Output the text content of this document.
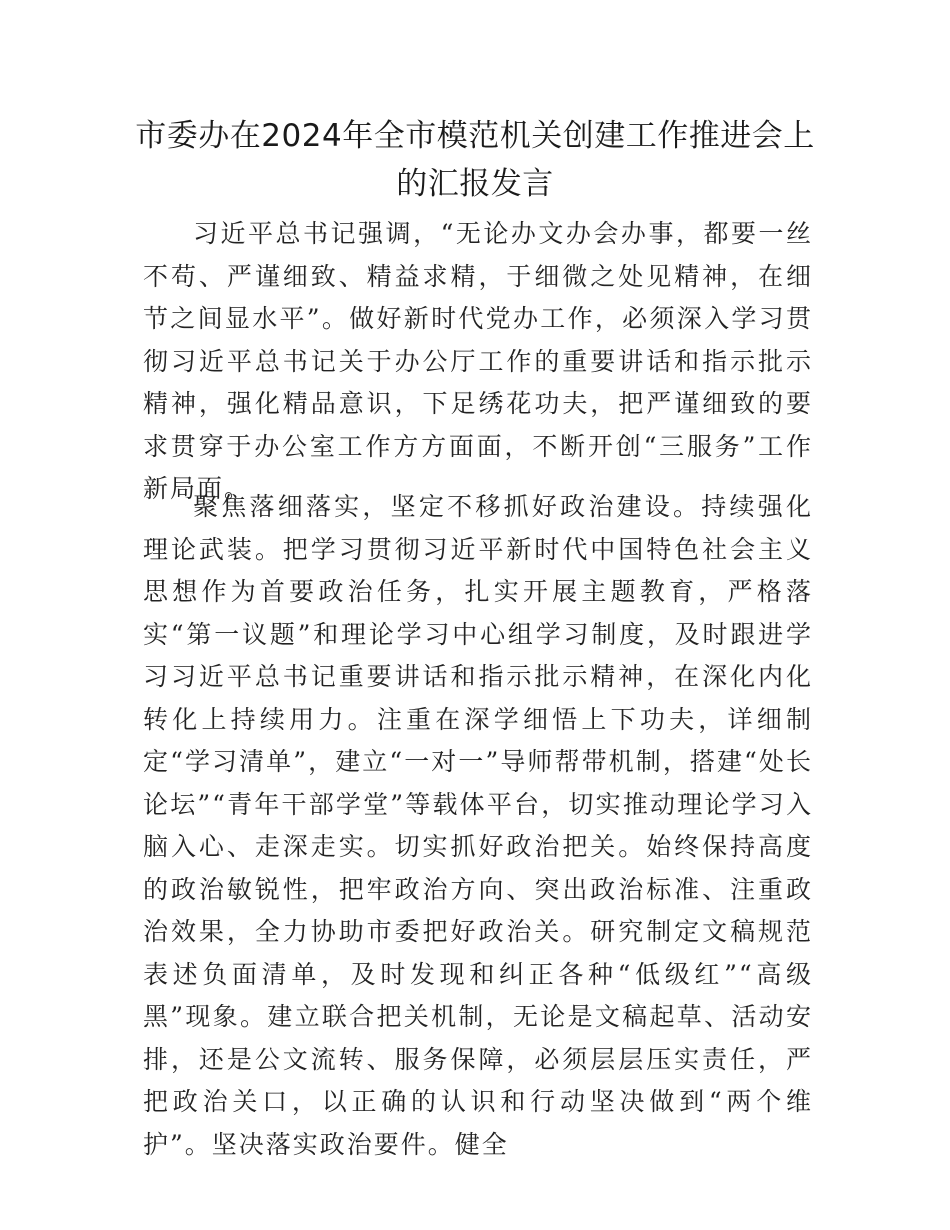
市委办在2024年全市模范机关创建工作推进会上的汇报发言

习近平总书记强调，“无论办文办会办事，都要一丝不苟、严谨细致、精益求精，于细微之处见精神，在细节之间显水平”。做好新时代党办工作，必须深入学习贯彻习近平总书记关于办公厅工作的重要讲话和指示批示精神，强化精品意识，下足绣花功夫，把严谨细致的要求贯穿于办公室工作方方面面，不断开创“三服务”工作新局面。

聚焦落细落实，坚定不移抓好政治建设。持续强化理论武装。把学习贯彻习近平新时代中国特色社会主义思想作为首要政治任务，扎实开展主题教育，严格落实“第一议题”和理论学习中心组学习制度，及时跟进学习习近平总书记重要讲话和指示批示精神，在深化内化转化上持续用力。注重在深学细悟上下功夫，详细制定“学习清单”，建立“一对一”导师帮带机制，搭建“处长论坛”“青年干部学堂”等载体平台，切实推动理论学习入脑入心、走深走实。切实抓好政治把关。始终保持高度的政治敏锐性，把牢政治方向、突出政治标准、注重政治效果，全力协助市委把好政治关。研究制定文稿规范表述负面清单，及时发现和纠正各种“低级红”“高级黑”现象。建立联合把关机制，无论是文稿起草、活动安排，还是公文流转、服务保障，必须层层压实责任，严把政治关口，以正确的认识和行动坚决做到“两个维护”。坚决落实政治要件。健全
